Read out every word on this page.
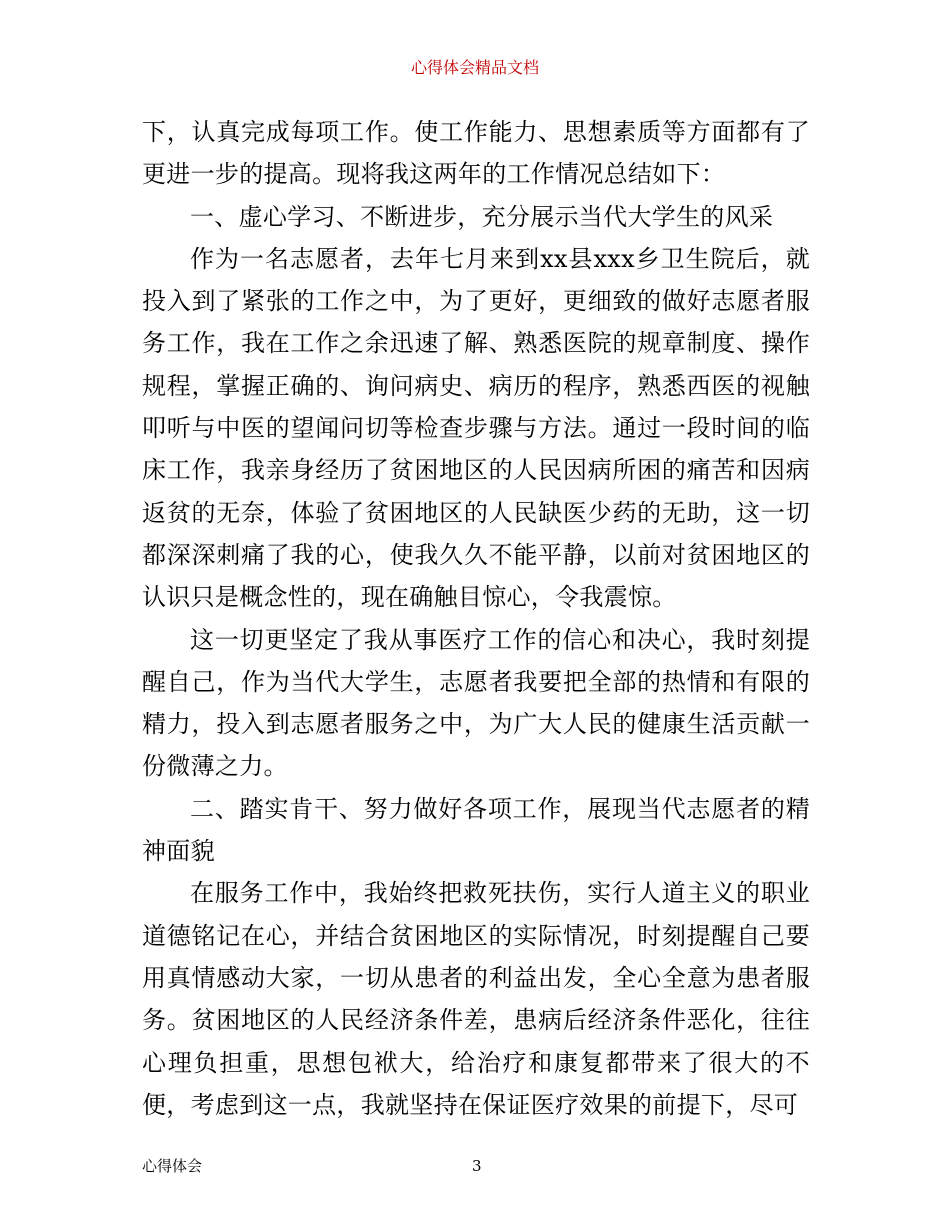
心得体会精品文档

下，认真完成每项工作。使工作能力、思想素质等方面都有了更进一步的提高。现将我这两年的工作情况总结如下：

一、虚心学习、不断进步，充分展示当代大学生的风采

作为一名志愿者，去年七月来到xx县xxx乡卫生院后，就投入到了紧张的工作之中，为了更好，更细致的做好志愿者服务工作，我在工作之余迅速了解、熟悉医院的规章制度、操作规程，掌握正确的、询问病史、病历的程序，熟悉西医的视触叩听与中医的望闻问切等检查步骤与方法。通过一段时间的临床工作，我亲身经历了贫困地区的人民因病所困的痛苦和因病返贫的无奈，体验了贫困地区的人民缺医少药的无助，这一切都深深刺痛了我的心，使我久久不能平静，以前对贫困地区的认识只是概念性的，现在确触目惊心，令我震惊。

这一切更坚定了我从事医疗工作的信心和决心，我时刻提醒自己，作为当代大学生，志愿者我要把全部的热情和有限的精力，投入到志愿者服务之中，为广大人民的健康生活贡献一份微薄之力。

二、踏实肯干、努力做好各项工作，展现当代志愿者的精神面貌

在服务工作中，我始终把救死扶伤，实行人道主义的职业道德铭记在心，并结合贫困地区的实际情况，时刻提醒自己要用真情感动大家，一切从患者的利益出发，全心全意为患者服务。贫困地区的人民经济条件差，患病后经济条件恶化，往往心理负担重，思想包袱大，给治疗和康复都带来了很大的不便，考虑到这一点，我就坚持在保证医疗效果的前提下，尽可

心得体会	3
